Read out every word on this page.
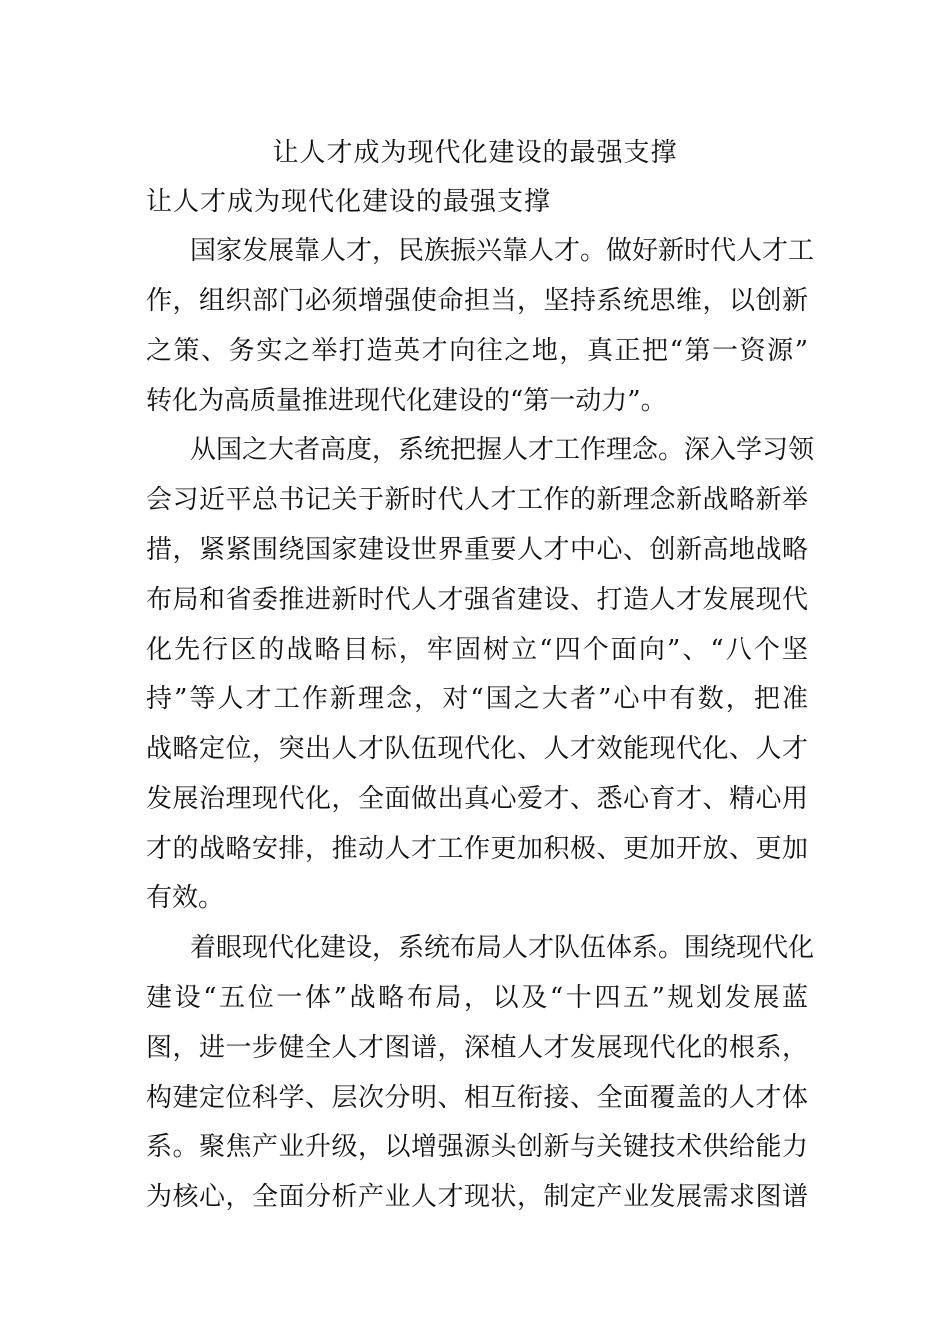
让人才成为现代化建设的最强支撑
让人才成为现代化建设的最强支撑
国家发展靠人才，民族振兴靠人才。做好新时代人才工
作，组织部门必须增强使命担当，坚持系统思维，以创新
之策、务实之举打造英才向往之地，真正把“第一资源”
转化为高质量推进现代化建设的“第一动力”。
从国之大者高度，系统把握人才工作理念。深入学习领
会习近平总书记关于新时代人才工作的新理念新战略新举
措，紧紧围绕国家建设世界重要人才中心、创新高地战略
布局和省委推进新时代人才强省建设、打造人才发展现代
化先行区的战略目标，牢固树立“四个面向”、“八个坚
持”等人才工作新理念，对“国之大者”心中有数，把准
战略定位，突出人才队伍现代化、人才效能现代化、人才
发展治理现代化，全面做出真心爱才、悉心育才、精心用
才的战略安排，推动人才工作更加积极、更加开放、更加
有效。
着眼现代化建设，系统布局人才队伍体系。围绕现代化
建设“五位一体”战略布局，以及“十四五”规划发展蓝
图，进一步健全人才图谱，深植人才发展现代化的根系，
构建定位科学、层次分明、相互衔接、全面覆盖的人才体
系。聚焦产业升级，以增强源头创新与关键技术供给能力
为核心，全面分析产业人才现状，制定产业发展需求图谱
